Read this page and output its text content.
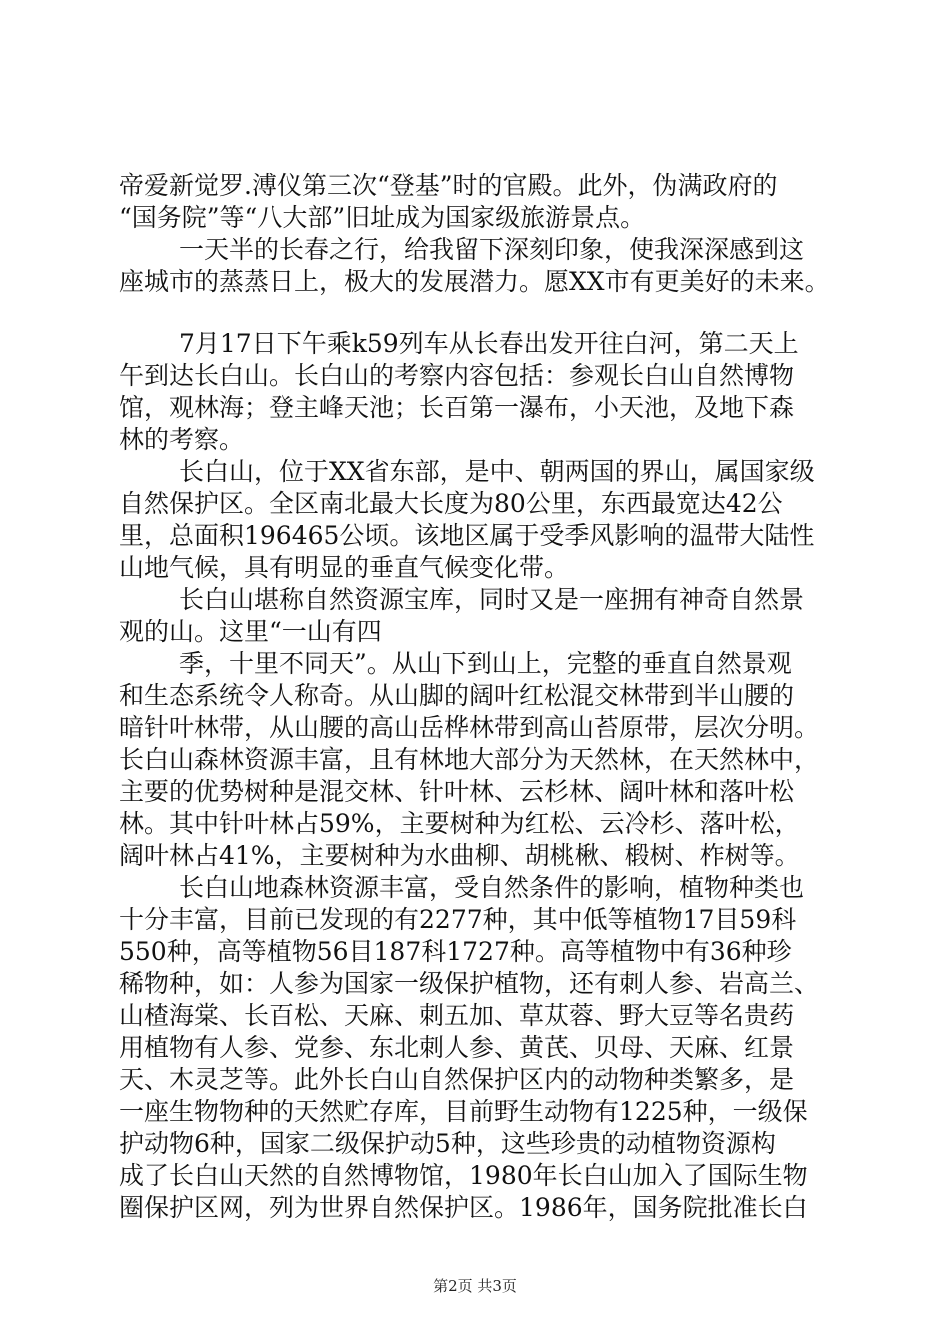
帝爱新觉罗.溥仪第三次“登基”时的官殿。此外，伪满政府的
“国务院”等“八大部”旧址成为国家级旅游景点。
一天半的长春之行，给我留下深刻印象，使我深深感到这
座城市的蒸蒸日上，极大的发展潜力。愿XX市有更美好的未来。
7月17日下午乘k59列车从长春出发开往白河，第二天上
午到达长白山。长白山的考察内容包括：参观长白山自然博物
馆，观林海；登主峰天池；长百第一瀑布，小天池，及地下森
林的考察。
长白山，位于XX省东部，是中、朝两国的界山，属国家级
自然保护区。全区南北最大长度为80公里，东西最宽达42公
里，总面积196465公顷。该地区属于受季风影响的温带大陆性
山地气候，具有明显的垂直气候变化带。
长白山堪称自然资源宝库，同时又是一座拥有神奇自然景
观的山。这里“一山有四
季，十里不同天”。从山下到山上，完整的垂直自然景观
和生态系统令人称奇。从山脚的阔叶红松混交林带到半山腰的
暗针叶林带，从山腰的高山岳桦林带到高山苔原带，层次分明。
长白山森林资源丰富，且有林地大部分为天然林，在天然林中，
主要的优势树种是混交林、针叶林、云杉林、阔叶林和落叶松
林。其中针叶林占59%，主要树种为红松、云冷杉、落叶松，
阔叶林占41%，主要树种为水曲柳、胡桃楸、椴树、柞树等。
长白山地森林资源丰富，受自然条件的影响，植物种类也
十分丰富，目前已发现的有2277种，其中低等植物17目59科
550种，高等植物56目187科1727种。高等植物中有36种珍
稀物种，如：人参为国家一级保护植物，还有刺人参、岩高兰、
山楂海棠、长百松、天麻、刺五加、草苁蓉、野大豆等名贵药
用植物有人参、党参、东北刺人参、黄芪、贝母、天麻、红景
天、木灵芝等。此外长白山自然保护区内的动物种类繁多，是
一座生物物种的天然贮存库，目前野生动物有1225种，一级保
护动物6种，国家二级保护动5种，这些珍贵的动植物资源构
成了长白山天然的自然博物馆，1980年长白山加入了国际生物
圈保护区网，列为世界自然保护区。1986年，国务院批准长白
第2页 共3页
